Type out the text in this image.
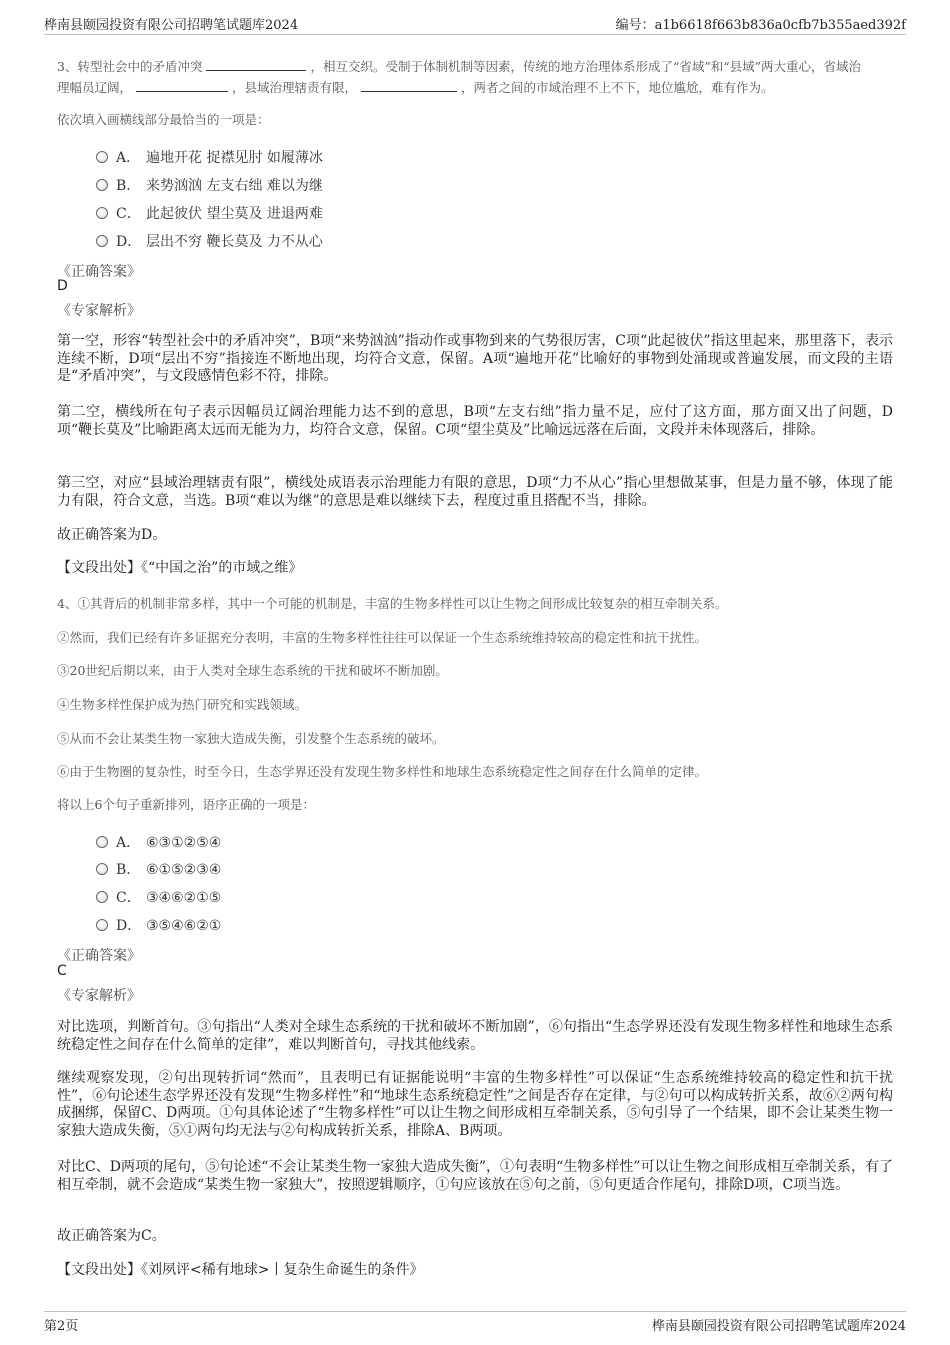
桦南县颐园投资有限公司招聘笔试题库2024	编号：a1b6618f663b836a0cfb7b355aed392f
3、转型社会中的矛盾冲突	，相互交织。受制于体制机制等因素，传统的地方治理体系形成了“省域”和“县域”两大重心，省域治
理幅员辽阔，	，县域治理辖责有限，	，两者之间的市域治理不上不下，地位尴尬，难有作为。
依次填入画横线部分最恰当的一项是：
A． 遍地开花 捉襟见肘 如履薄冰
B． 来势汹汹 左支右绌 难以为继
C． 此起彼伏 望尘莫及 进退两难
D． 层出不穷 鞭长莫及 力不从心
《正确答案》
D
《专家解析》
第一空，形容“转型社会中的矛盾冲突”，B项“来势汹汹”指动作或事物到来的气势很厉害，C项“此起彼伏”指这里起来，那里落下，表示连续不断，D项“层出不穷”指接连不断地出现，均符合文意，保留。A项“遍地开花”比喻好的事物到处涌现或普遍发展，而文段的主语是“矛盾冲突”，与文段感情色彩不符，排除。
第二空，横线所在句子表示因幅员辽阔治理能力达不到的意思，B项“左支右绌”指力量不足，应付了这方面，那方面又出了问题，D项“鞭长莫及”比喻距离太远而无能为力，均符合文意，保留。C项“望尘莫及”比喻远远落在后面，文段并未体现落后，排除。
第三空，对应“县域治理辖责有限”，横线处成语表示治理能力有限的意思，D项“力不从心”指心里想做某事，但是力量不够，体现了能力有限，符合文意，当选。B项“难以为继”的意思是难以继续下去，程度过重且搭配不当，排除。
故正确答案为D。
【文段出处】《“中国之治”的市域之维》
4、①其背后的机制非常多样，其中一个可能的机制是，丰富的生物多样性可以让生物之间形成比较复杂的相互牵制关系。
②然而，我们已经有许多证据充分表明，丰富的生物多样性往往可以保证一个生态系统维持较高的稳定性和抗干扰性。
③20世纪后期以来，由于人类对全球生态系统的干扰和破坏不断加剧。
④生物多样性保护成为热门研究和实践领域。
⑤从而不会让某类生物一家独大造成失衡，引发整个生态系统的破坏。
⑥由于生物圈的复杂性，时至今日，生态学界还没有发现生物多样性和地球生态系统稳定性之间存在什么简单的定律。
将以上6个句子重新排列，语序正确的一项是：
A． ⑥③①②⑤④
B． ⑥①⑤②③④
C． ③④⑥②①⑤
D． ③⑤④⑥②①
《正确答案》
C
《专家解析》
对比选项，判断首句。③句指出“人类对全球生态系统的干扰和破坏不断加剧”，⑥句指出“生态学界还没有发现生物多样性和地球生态系统稳定性之间存在什么简单的定律”，难以判断首句，寻找其他线索。
继续观察发现，②句出现转折词“然而”，且表明已有证据能说明“丰富的生物多样性”可以保证“生态系统维持较高的稳定性和抗干扰性”，⑥句论述生态学界还没有发现“生物多样性”和“地球生态系统稳定性”之间是否存在定律，与②句可以构成转折关系，故⑥②两句构成捆绑，保留C、D两项。①句具体论述了“生物多样性”可以让生物之间形成相互牵制关系，⑤句引导了一个结果，即不会让某类生物一家独大造成失衡，⑤①两句均无法与②句构成转折关系，排除A、B两项。
对比C、D两项的尾句，⑤句论述“不会让某类生物一家独大造成失衡”，①句表明“生物多样性”可以让生物之间形成相互牵制关系，有了相互牵制，就不会造成“某类生物一家独大”，按照逻辑顺序，①句应该放在⑤句之前，⑤句更适合作尾句，排除D项，C项当选。
故正确答案为C。
【文段出处】《刘夙评<稀有地球>丨复杂生命诞生的条件》
第2页	桦南县颐园投资有限公司招聘笔试题库2024
